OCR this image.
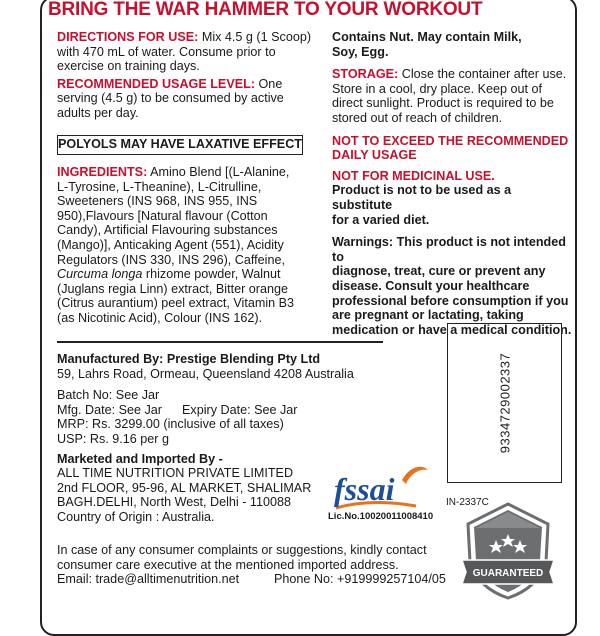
BRING THE WAR HAMMER TO YOUR WORKOUT
DIRECTIONS FOR USE: Mix 4.5 g (1 Scoop)
with 470 mL of water. Consume prior to
exercise on training days.
RECOMMENDED USAGE LEVEL: One
serving (4.5 g) to be consumed by active
adults per day.
POLYOLS MAY HAVE LAXATIVE EFFECT
INGREDIENTS: Amino Blend [(L-Alanine,
L-Tyrosine, L-Theanine), L-Citrulline,
Sweeteners (INS 968, INS 955, INS
950),Flavours [Natural flavour (Cotton
Candy), Artificial Flavouring substances
(Mango)], Anticaking Agent (551), Acidity
Regulators (INS 330, INS 296), Caffeine,
Curcuma longa rhizome powder, Walnut
(Juglans regia Linn) extract, Bitter orange
(Citrus aurantium) peel extract, Vitamin B3
(as Nicotinic Acid), Colour (INS 162).
Manufactured By: Prestige Blending Pty Ltd
59, Lahrs Road, Ormeau, Queensland 4208 Australia
Batch No: See Jar
Mfg. Date: See Jar Expiry Date: See Jar
MRP: Rs. 3299.00 (inclusive of all taxes)
USP: Rs. 9.16 per g
Marketed and Imported By -
ALL TIME NUTRITION PRIVATE LIMITED
2nd FLOOR, 95-96, AL MARKET, SHALIMAR
BAGH.DELHI, North West, Delhi - 110088
Country of Origin : Australia.
In case of any consumer complaints or suggestions, kindly contact
consumer care executive at the mentioned imported address.
Email: trade@alltimenutrition.net	Phone No: +919999257104/05
Contains Nut. May contain Milk,
Soy, Egg.
STORAGE: Close the container after use.
Store in a cool, dry place. Keep out of
direct sunlight. Product is required to be
stored out of reach of children.
NOT TO EXCEED THE RECOMMENDED
DAILY USAGE
NOT FOR MEDICINAL USE.
Product is not to be used as a substitute
for a varied diet.
Warnings: This product is not intended to
diagnose, treat, cure or prevent any
disease. Consult your healthcare
professional before consumption if you
are pregnant or lactating, taking
medication or have a medical condition.
9334729002337
IN-2337C
fssai
Lic.No.10020011008410
GUARANTEED
